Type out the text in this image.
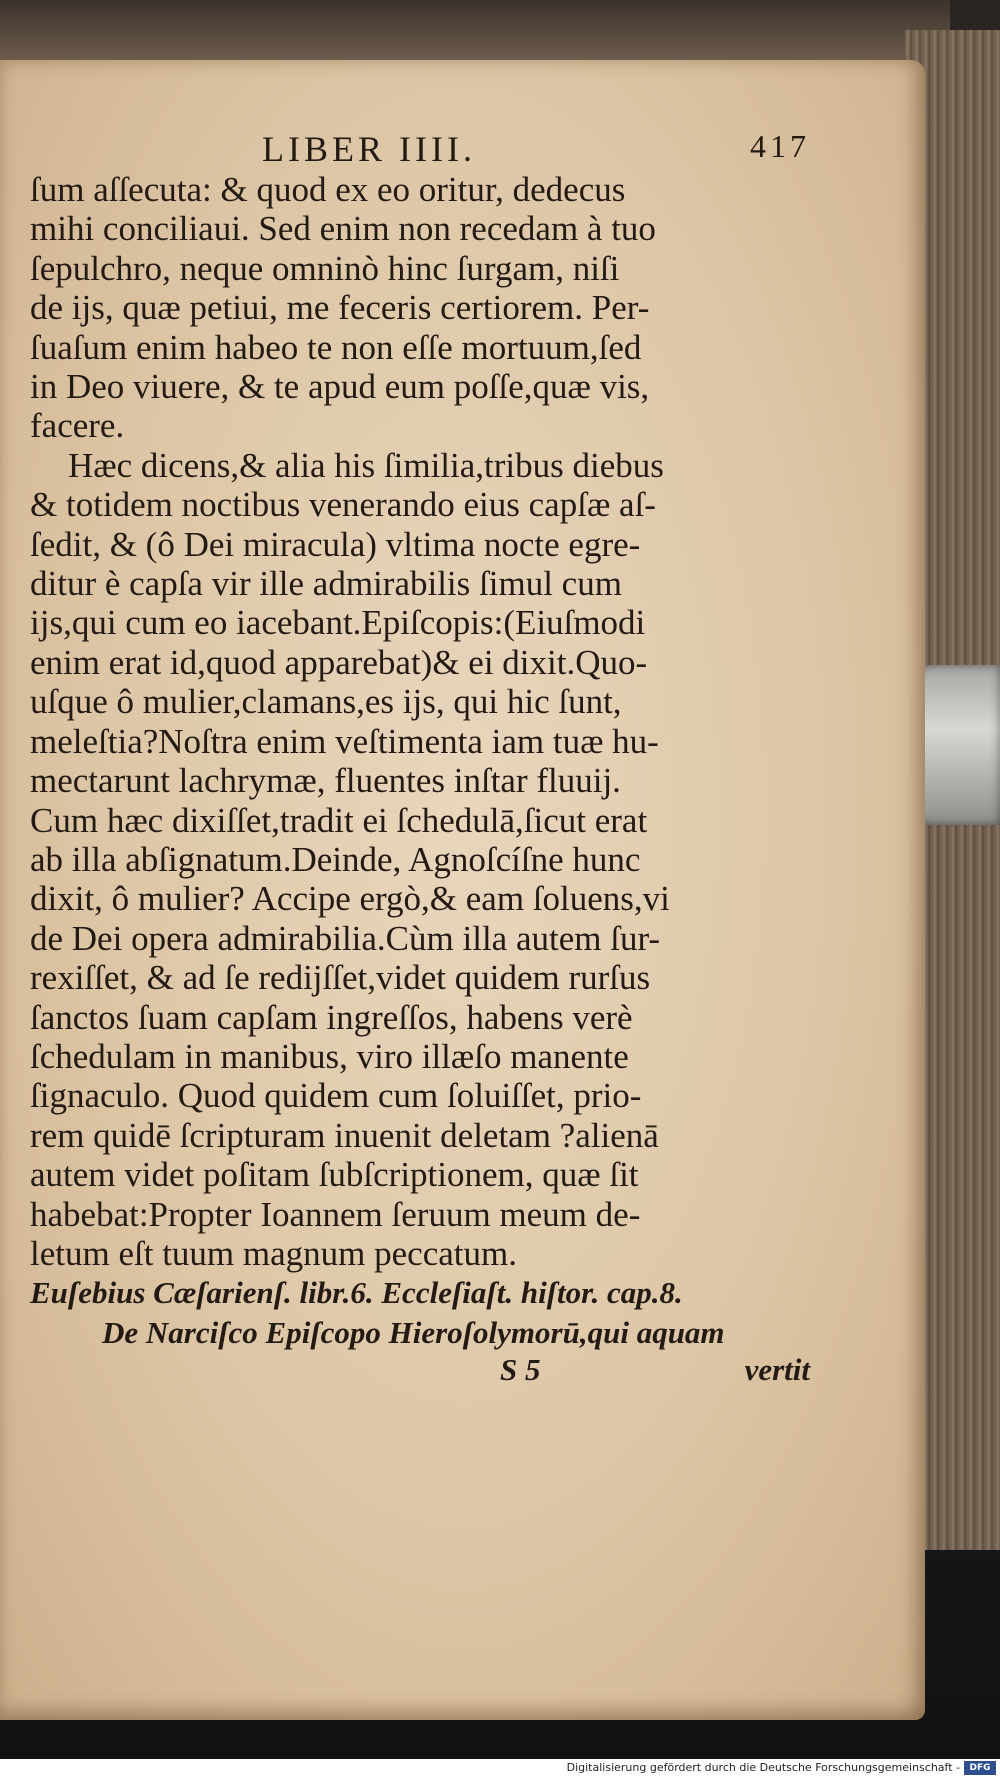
LIBER IIII.	417
ſum aſſecuta: & quod ex eo oritur, dedecus
mihi conciliaui. Sed enim non recedam à tuo
ſepulchro, neque omninò hinc ſurgam, niſi
de ijs, quæ petiui, me feceris certiorem. Per-
ſuaſum enim habeo te non eſſe mortuum,ſed
in Deo viuere, & te apud eum poſſe,quæ vis,
facere.
Hæc dicens,& alia his ſimilia,tribus diebus
& totidem noctibus venerando eius capſæ aſ-
ſedit, & (ô Dei miracula) vltima nocte egre-
ditur è capſa vir ille admirabilis ſimul cum
ijs,qui cum eo iacebant.Epiſcopis:(Eiuſmodi
enim erat id,quod apparebat)& ei dixit.Quo-
uſque ô mulier,clamans,es ijs, qui hic ſunt,
meleſtia?Noſtra enim veſtimenta iam tuæ hu-
mectarunt lachrymæ, fluentes inſtar fluuij.
Cum hæc dixiſſet,tradit ei ſchedulā,ſicut erat
ab illa abſignatum.Deinde, Agnoſcíſne hunc
dixit, ô mulier? Accipe ergò,& eam ſoluens,vi
de Dei opera admirabilia.Cùm illa autem ſur-
rexiſſet, & ad ſe redijſſet,videt quidem rurſus
ſanctos ſuam capſam ingreſſos, habens verè
ſchedulam in manibus, viro illæſo manente
ſignaculo. Quod quidem cum ſoluiſſet, prio-
rem quidē ſcripturam inuenit deletam ?alienā
autem videt poſitam ſubſcriptionem, quæ ſit
habebat:Propter Ioannem ſeruum meum de-
letum eſt tuum magnum peccatum.
Euſebius Cæſarienſ. libr.6. Eccleſiaſt. hiſtor. cap.8.
De Narciſco Epiſcopo Hieroſolymorū,qui aquam
S 5	vertit
Digitalisierung gefördert durch die Deutsche Forschungsgemeinschaft -	DFG
